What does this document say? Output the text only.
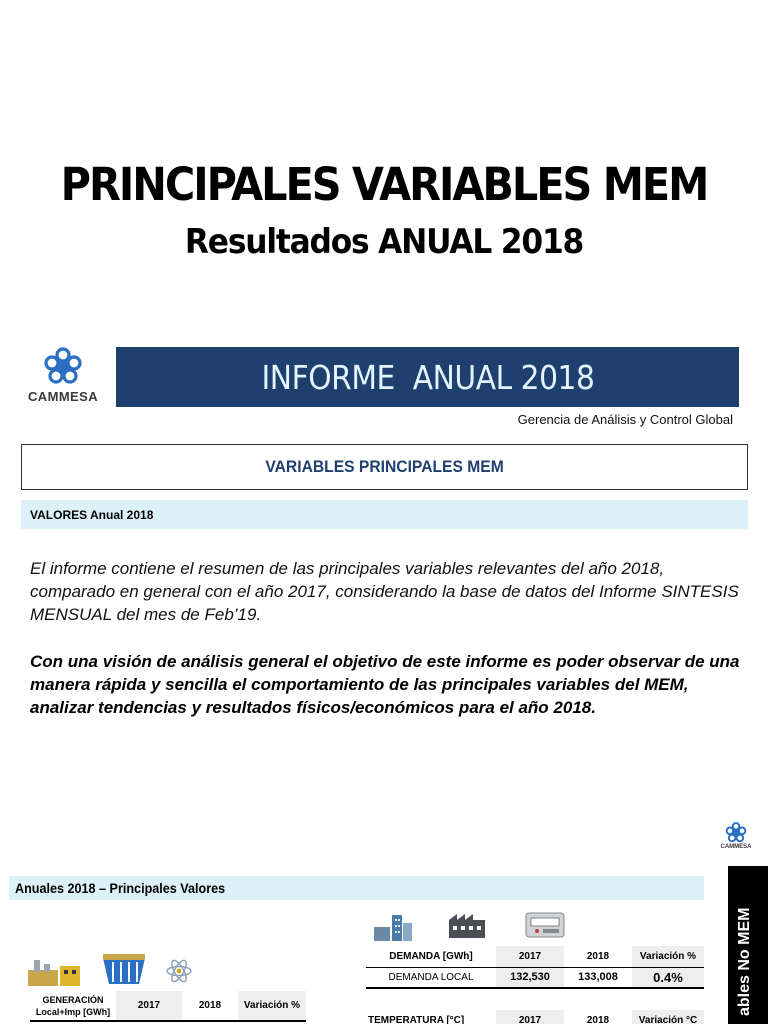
PRINCIPALES VARIABLES MEM
Resultados ANUAL 2018
CAMMESA	INFORME  ANUAL 2018
Gerencia de Análisis y Control Global
VARIABLES PRINCIPALES MEM
VALORES Anual 2018
El informe contiene el resumen de las principales variables relevantes del año 2018, comparado en general con el año 2017, considerando la base de datos del Informe SINTESIS MENSUAL del mes de Feb’19.
Con una visión de análisis general el objetivo de este informe es poder observar de una manera rápida y sencilla el comportamiento de las principales variables del MEM, analizar tendencias y resultados físicos/económicos para el año 2018.
CAMMESA
Anuales 2018 – Principales Valores
ables No MEM
GENERACIÓN
Local+Imp [GWh]
	2017	2018	Variación %
DEMANDA [GWh]	2017	2018	Variación %
DEMANDA LOCAL	132,530	133,008	0.4%
TEMPERATURA [°C]	2017	2018	Variación °C
